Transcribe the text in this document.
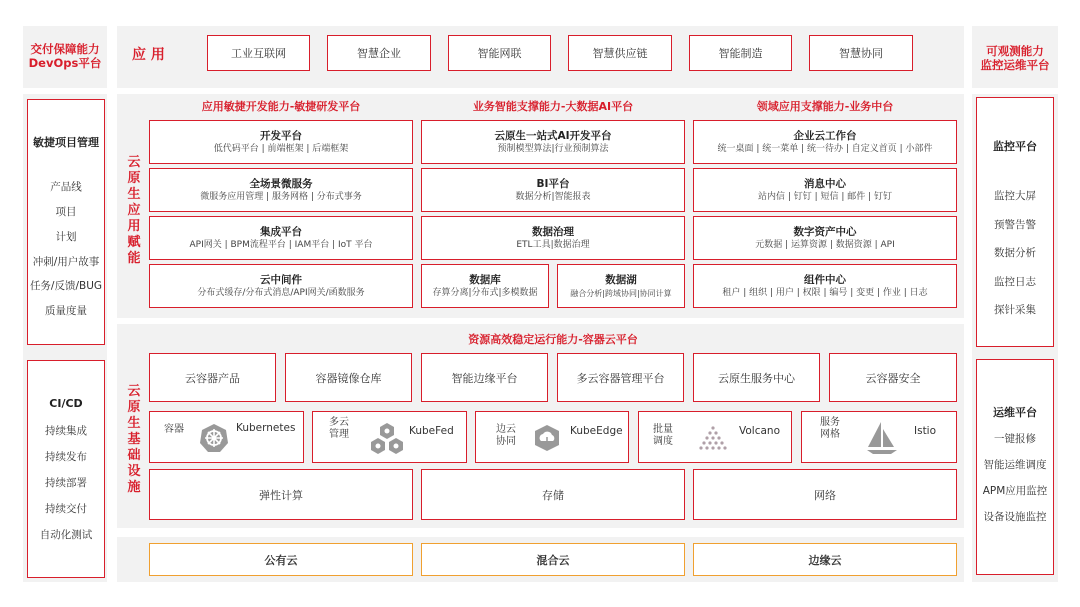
交付保障能力
DevOps平台
敏捷项目管理
产品线
项目
计划
冲刺/用户故事
任务/反馈/BUG
质量度量
CI/CD
持续集成
持续发布
持续部署
持续交付
自动化测试
可观测能力
监控运维平台
监控平台
监控大屏
预警告警
数据分析
监控日志
探针采集
运维平台
一键报修
智能运维调度
APM应用监控
设备设施监控
应 用	工业互联网	智慧企业	智能网联	智慧供应链	智能制造	智慧协同
云原生应用赋能
应用敏捷开发能力-敏捷研发平台	业务智能支撑能力-大数据AI平台	领域应用支撑能力-业务中台
开发平台
低代码平台 | 前端框架 | 后端框架
全场景微服务
微服务应用管理 | 服务网格 | 分布式事务
集成平台
API网关 | BPM流程平台 | IAM平台 | IoT 平台
云中间件
分布式缓存/分布式消息/API网关/函数服务
云原生一站式AI开发平台
预制模型算法|行业预制算法
BI平台
数据分析|智能报表
数据治理
ETL工具|数据治理
数据库
存算分离|分布式|多模数据
数据湖
融合分析|跨域协同|协同计算
企业云工作台
统一桌面 | 统一菜单 | 统一待办 | 自定义首页 | 小部件
消息中心
站内信 | 钉钉 | 短信 | 邮件 | 钉钉
数字资产中心
元数据 | 运算资源 | 数据资源 | API
组件中心
租户 | 组织 | 用户 | 权限 | 编号 | 变更 | 作业 | 日志
云原生基础设施
资源高效稳定运行能力-容器云平台
云容器产品	容器镜像仓库	智能边缘平台	多云容器管理平台	云原生服务中心	云容器安全
容器	Kubernetes	多云
管理	KubeFed	边云
协同
KubeEdge	批量
调度
Volcano
服务
网格	Istio
弹性计算	存储	网络
公有云	混合云	边缘云
